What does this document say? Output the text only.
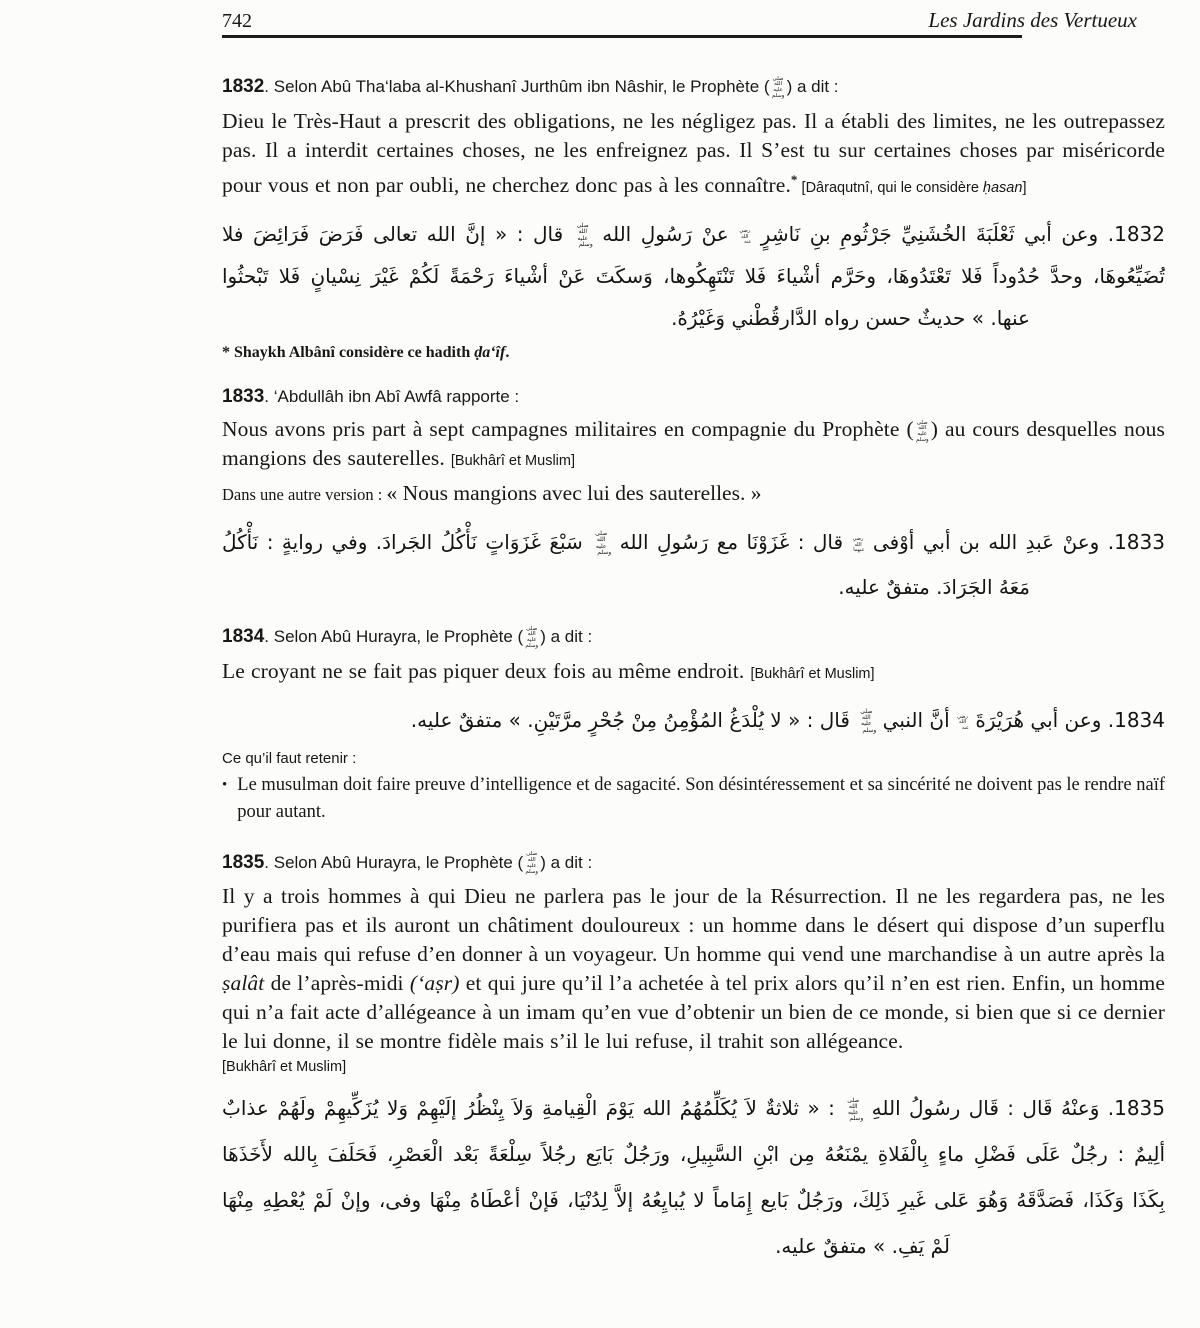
742	Les Jardins des Vertueux

1832. Selon Abû Tha‘laba al-Khushanî Jurthûm ibn Nâshir, le Prophète ( صلى الله عليه وسلم ) a dit :

Dieu le Très-Haut a prescrit des obligations, ne les négligez pas. Il a établi des limites, ne les outrepassez pas. Il a interdit certaines choses, ne les enfreignez pas. Il S’est tu sur certaines choses par miséricorde pour vous et non par oubli, ne cherchez donc pas à les connaître.* [Dâraqutnî, qui le considère ḥasan]

1832. وعن أبي ثَعْلَبَةَ الخُشَنِيِّ جَرْثُومِ بنِ نَاشِرٍ رضي الله عنه عنْ رَسُولِ الله صلى الله عليه وسلم قال : « إنَّ الله تعالى فَرَضَ فَرَائِضَ فلا
تُضَيِّعُوهَا، وحدَّ حُدُوداً فَلا تَعْتَدُوهَا، وحَرَّم أشْياءَ فَلا تَنْتَهِكُوها، وَسكَتَ عَنْ أشْياءَ رَحْمَةً لَكُمْ غَيْرَ نِسْيانٍ فَلا تَبْحثُوا
عنها. » حديثٌ حسن رواه الدَّارقُطْني وَغَيْرُهُ.

* Shaykh Albânî considère ce hadith ḍa‘îf.

1833. ‘Abdullâh ibn Abî Awfâ rapporte :

Nous avons pris part à sept campagnes militaires en compagnie du Prophète ( صلى الله عليه وسلم) au cours desquelles nous mangions des sauterelles. [Bukhârî et Muslim]

Dans une autre version : « Nous mangions avec lui des sauterelles. »

1833. وعنْ عَبدِ الله بن أبي أوْفى رضي الله عنهما قال : غَزَوْنَا مع رَسُولِ الله صلى الله عليه وسلم سَبْعَ غَزَوَاتٍ نَأْكُلُ الجَرادَ. وفي روايةٍ : نَأْكُلُ
مَعَهُ الجَرَادَ. متفقٌ عليه.

1834. Selon Abû Hurayra, le Prophète ( صلى الله عليه وسلم ) a dit :

Le croyant ne se fait pas piquer deux fois au même endroit. [Bukhârî et Muslim]

1834. وعن أبي هُرَيْرَةَ رضي الله عنه أنَّ النبي صلى الله عليه وسلم قَال : « لا يُلْدَغُ المُؤْمِنُ مِنْ جُحْرٍ مرَّتَيْنِ. » متفقٌ عليه.
Ce qu’il faut retenir :
• Le musulman doit faire preuve d’intelligence et de sagacité. Son désintéressement et sa sincérité ne doivent pas le rendre naïf pour autant.

1835. Selon Abû Hurayra, le Prophète ( صلى الله عليه وسلم ) a dit :

Il y a trois hommes à qui Dieu ne parlera pas le jour de la Résurrection. Il ne les regardera pas, ne les purifiera pas et ils auront un châtiment douloureux : un homme dans le désert qui dispose d’un superflu d’eau mais qui refuse d’en donner à un voyageur. Un homme qui vend une marchandise à un autre après la ṣalât de l’après-midi (‘aṣr) et qui jure qu’il l’a achetée à tel prix alors qu’il n’en est rien. Enfin, un homme qui n’a fait acte d’allégeance à un imam qu’en vue d’obtenir un bien de ce monde, si bien que si ce dernier le lui donne, il se montre fidèle mais s’il le lui refuse, il trahit son allégeance.

[Bukhârî et Muslim]

1835. وَعنْهُ قَال : قَال رسُولُ اللهِ صلى الله عليه وسلم : « ثلاثةٌ لاَ يُكَلِّمُهُمُ الله يَوْمَ الْقِيامةِ وَلاَ يِنْظُرُ إلَيْهِمْ وَلا يُزَكِّيهِمْ ولَهُمْ عذابٌ
ألِيمٌ : رجُلٌ عَلَى فَضْلِ ماءٍ بِالْفَلاةِ يمْنَعُهُ مِن ابْنِ السَّبِيلِ، ورَجُلٌ بَايَع رجُلاً سِلْعَةً بَعْد الْعَصْرِ، فَحَلَفَ بِالله لأَخَذَهَا
بِكَذَا وَكَذَا، فَصَدَّقَهُ وَهُوَ عَلى غَيرِ ذَلِكَ، ورَجُلٌ بَايع إِمَاماً لا يُبايِعُهُ إلاَّ لِدُنْيَا، فَإنْ أعْطَاهُ مِنْهَا وفى، وإنْ لَمْ يُعْطِهِ مِنْهَا
لَمْ يَفِ. » متفقٌ عليه.
